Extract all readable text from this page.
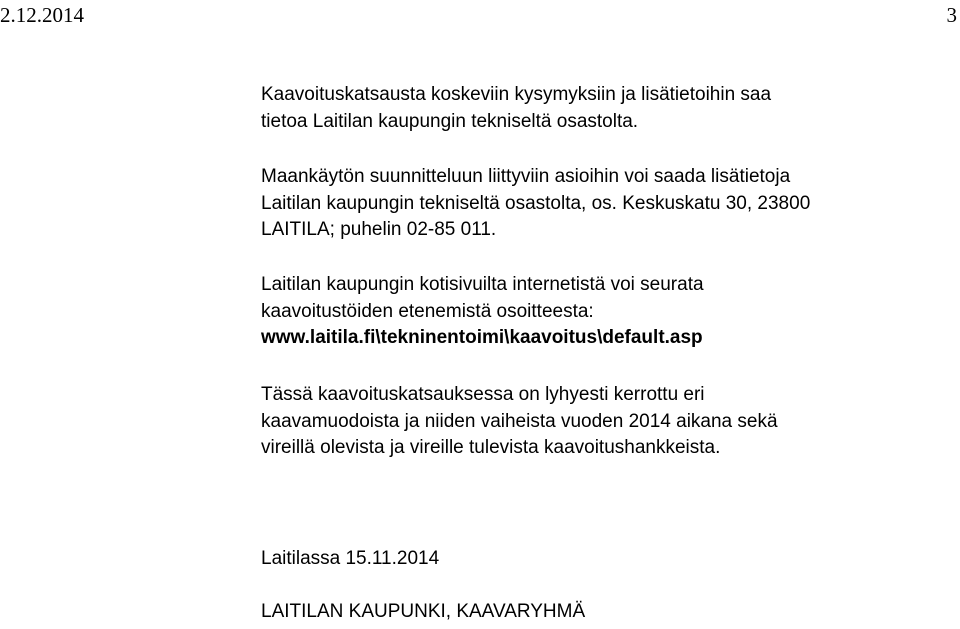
2.12.2014	3
Kaavoituskatsausta koskeviin kysymyksiin ja lisätietoihin saa
tietoa Laitilan kaupungin tekniseltä osastolta.
Maankäytön suunnitteluun liittyviin asioihin voi saada lisätietoja
Laitilan kaupungin tekniseltä osastolta, os. Keskuskatu 30, 23800
LAITILA; puhelin 02-85 011.
Laitilan kaupungin kotisivuilta internetistä voi seurata
kaavoitustöiden etenemistä osoitteesta:
www.laitila.fi\tekninentoimi\kaavoitus\default.asp
Tässä kaavoituskatsauksessa on lyhyesti kerrottu eri
kaavamuodoista ja niiden vaiheista vuoden 2014 aikana sekä
vireillä olevista ja vireille tulevista kaavoitushankkeista.
Laitilassa 15.11.2014
LAITILAN KAUPUNKI, KAAVARYHMÄ
